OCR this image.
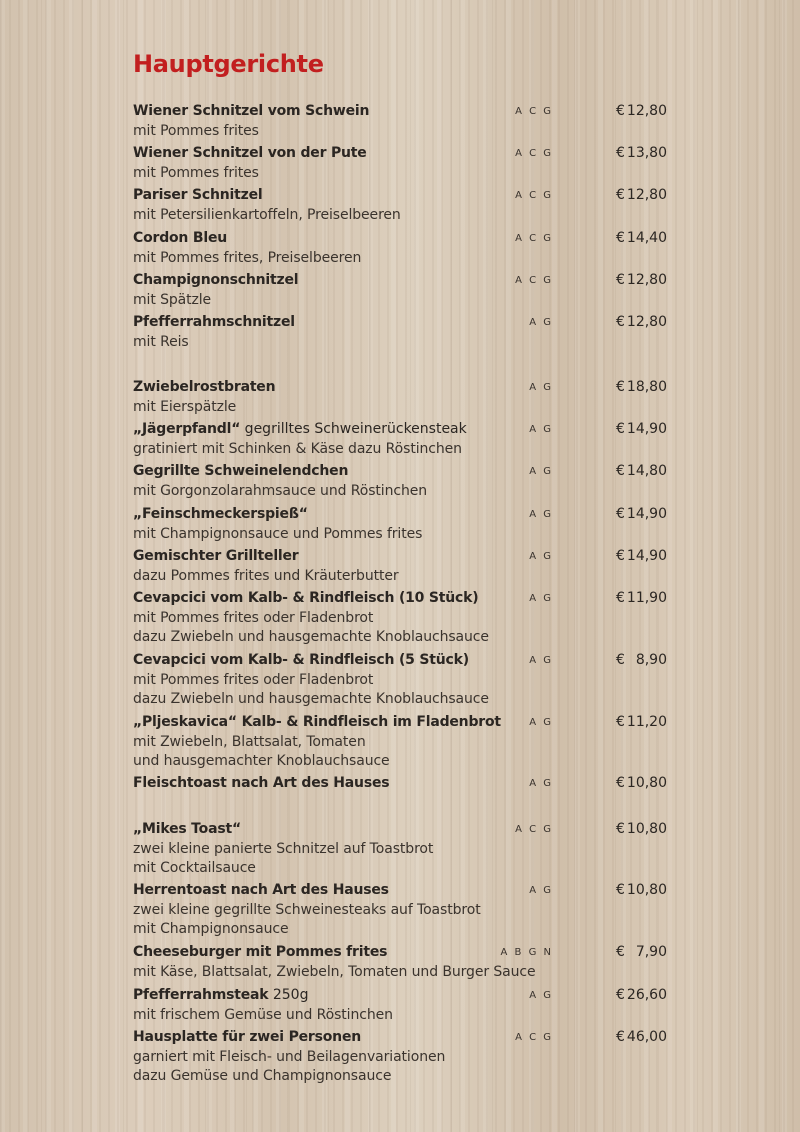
Hauptgerichte
Wiener Schnitzel vom Schwein	A C G	€ 12,80
mit Pommes frites
Wiener Schnitzel von der Pute	A C G	€ 13,80
mit Pommes frites
Pariser Schnitzel	A C G	€ 12,80
mit Petersilienkartoffeln, Preiselbeeren
Cordon Bleu	A C G	€ 14,40
mit Pommes frites, Preiselbeeren
Champignonschnitzel	A C G	€ 12,80
mit Spätzle
Pfefferrahmschnitzel	A G	€ 12,80
mit Reis
Zwiebelrostbraten	A G	€ 18,80
mit Eierspätzle
„Jägerpfandl“ gegrilltes Schweinerückensteak	A G	€ 14,90
gratiniert mit Schinken & Käse dazu Röstinchen
Gegrillte Schweinelendchen	A G	€ 14,80
mit Gorgonzolarahmsauce und Röstinchen
„Feinschmeckerspieß“	A G	€ 14,90
mit Champignonsauce und Pommes frites
Gemischter Grillteller	A G	€ 14,90
dazu Pommes frites und Kräuterbutter
Cevapcici vom Kalb- & Rindfleisch (10 Stück)	A G	€ 11,90
mit Pommes frites oder Fladenbrot
dazu Zwiebeln und hausgemachte Knoblauchsauce
Cevapcici vom Kalb- & Rindfleisch (5 Stück)	A G	€ 8,90
mit Pommes frites oder Fladenbrot
dazu Zwiebeln und hausgemachte Knoblauchsauce
„Pljeskavica“ Kalb- & Rindfleisch im Fladenbrot	A G	€ 11,20
mit Zwiebeln, Blattsalat, Tomaten
und hausgemachter Knoblauchsauce
Fleischtoast nach Art des Hauses	A G	€ 10,80
„Mikes Toast“	A C G	€ 10,80
zwei kleine panierte Schnitzel auf Toastbrot
mit Cocktailsauce
Herrentoast nach Art des Hauses	A G	€ 10,80
zwei kleine gegrillte Schweinesteaks auf Toastbrot
mit Champignonsauce
Cheeseburger mit Pommes frites	A B G N	€ 7,90
mit Käse, Blattsalat, Zwiebeln, Tomaten und Burger Sauce
Pfefferrahmsteak 250g	A G	€ 26,60
mit frischem Gemüse und Röstinchen
Hausplatte für zwei Personen	A C G	€ 46,00
garniert mit Fleisch- und Beilagenvariationen
dazu Gemüse und Champignonsauce
